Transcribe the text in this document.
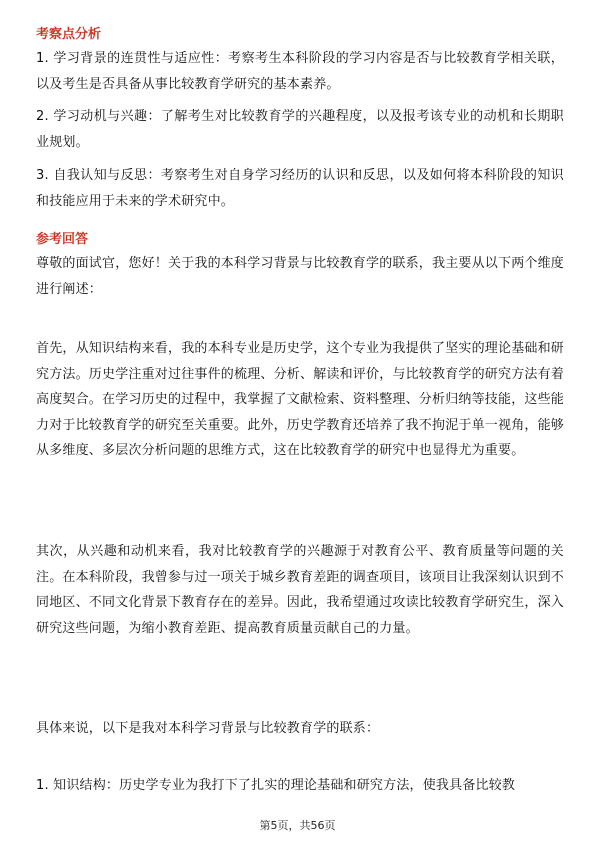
考察点分析
1. 学习背景的连贯性与适应性：考察考生本科阶段的学习内容是否与比较教育学相关联，以及考生是否具备从事比较教育学研究的基本素养。
2. 学习动机与兴趣：了解考生对比较教育学的兴趣程度，以及报考该专业的动机和长期职业规划。
3. 自我认知与反思：考察考生对自身学习经历的认识和反思，以及如何将本科阶段的知识和技能应用于未来的学术研究中。
参考回答
尊敬的面试官，您好！关于我的本科学习背景与比较教育学的联系，我主要从以下两个维度进行阐述：
首先，从知识结构来看，我的本科专业是历史学，这个专业为我提供了坚实的理论基础和研究方法。历史学注重对过往事件的梳理、分析、解读和评价，与比较教育学的研究方法有着高度契合。在学习历史的过程中，我掌握了文献检索、资料整理、分析归纳等技能，这些能力对于比较教育学的研究至关重要。此外，历史学教育还培养了我不拘泥于单一视角，能够从多维度、多层次分析问题的思维方式，这在比较教育学的研究中也显得尤为重要。
其次，从兴趣和动机来看，我对比较教育学的兴趣源于对教育公平、教育质量等问题的关注。在本科阶段，我曾参与过一项关于城乡教育差距的调查项目，该项目让我深刻认识到不同地区、不同文化背景下教育存在的差异。因此，我希望通过攻读比较教育学研究生，深入研究这些问题，为缩小教育差距、提高教育质量贡献自己的力量。
具体来说，以下是我对本科学习背景与比较教育学的联系：
1. 知识结构：历史学专业为我打下了扎实的理论基础和研究方法，使我具备比较教
第5页，共56页
